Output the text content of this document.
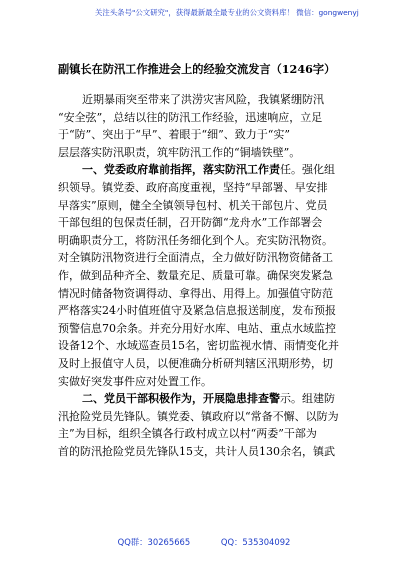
关注头条号"公文研究"，获得最新最全最专业的公文资料库！ 微信：gongwenyj
副镇长在防汛工作推进会上的经验交流发言（1246字）
近期暴雨突至带来了洪涝灾害风险，我镇紧绷防汛
“安全弦”，总结以往的防汛工作经验，迅速响应，立足
于“防”、突出于“早”、着眼于“细”、致力于“实”
层层落实防汛职责，筑牢防汛工作的“铜墙铁壁”。
一、党委政府靠前指挥，落实防汛工作责任。强化组
织领导。镇党委、政府高度重视，坚持“早部署、早安排
早落实”原则，健全全镇领导包村、机关干部包片、党员
干部包组的包保责任制，召开防御“龙舟水”工作部署会
明确职责分工，将防汛任务细化到个人。充实防汛物资。
对全镇防汛物资进行全面清点，全力做好防汛物资储备工
作，做到品种齐全、数量充足、质量可靠。确保突发紧急
情况时储备物资调得动、拿得出、用得上。加强值守防范
严格落实24小时值班值守及紧急信息报送制度，发布预报
预警信息70余条。并充分用好水库、电站、重点水域监控
设备12个、水域巡查员15名，密切监视水情、雨情变化并
及时上报值守人员，以便准确分析研判辖区汛期形势，切
实做好突发事件应对处置工作。
二、党员干部积极作为，开展隐患排查警示。组建防
汛抢险党员先锋队。镇党委、镇政府以“常备不懈、以防为
主”为目标，组织全镇各行政村成立以村“两委”干部为
首的防汛抢险党员先锋队15支，共计人员130余名，镇武
QQ群：30265665	QQ：535304092
